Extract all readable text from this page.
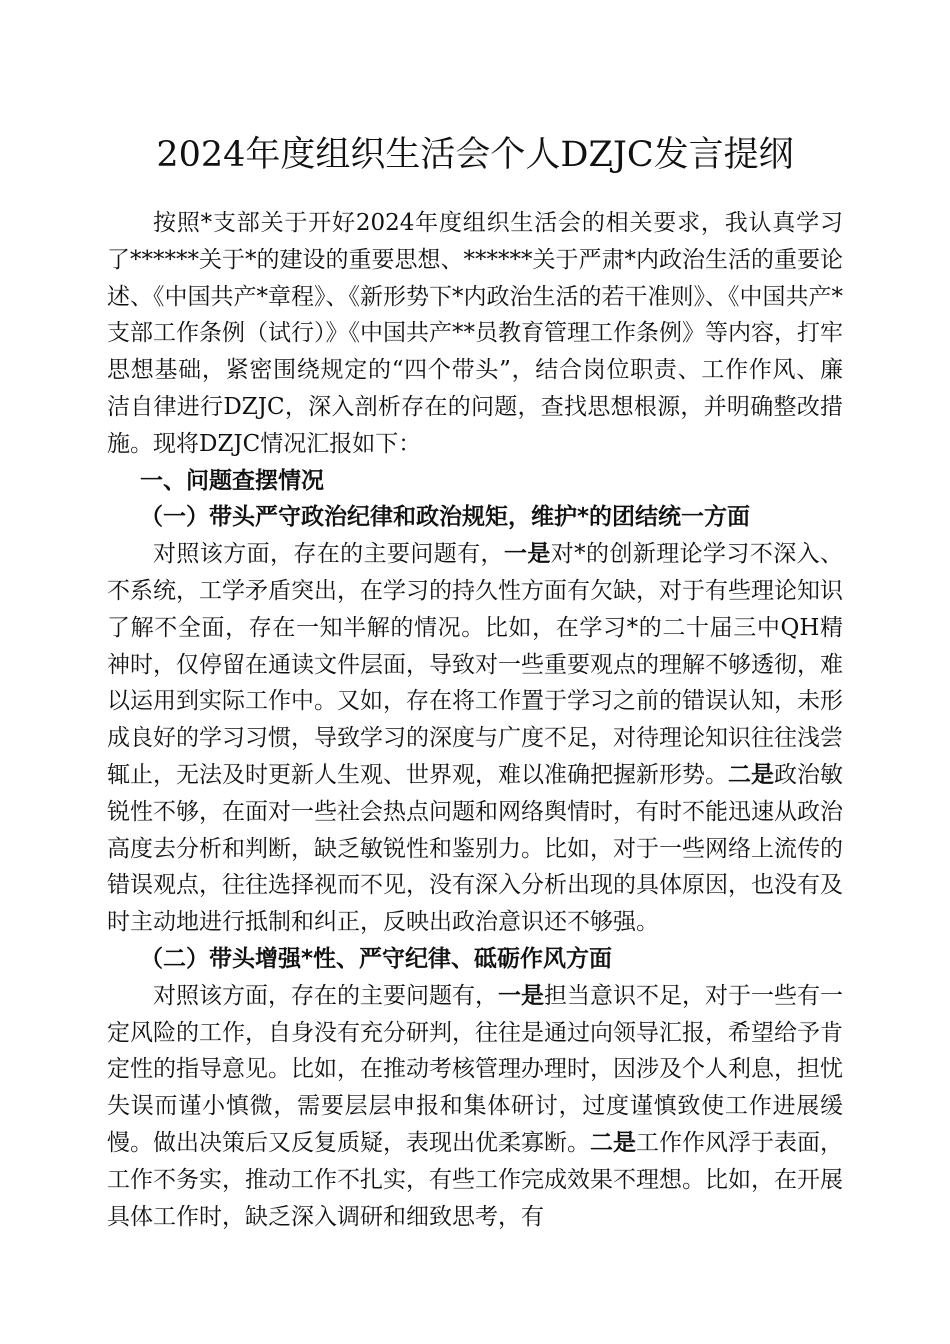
2024年度组织生活会个人DZJC发言提纲

按照*支部关于开好2024年度组织生活会的相关要求，我认真学习了******关于*的建设的重要思想、******关于严肃*内政治生活的重要论述、《中国共产*章程》、《新形势下*内政治生活的若干准则》、《中国共产*支部工作条例（试行）》《中国共产**员教育管理工作条例》等内容，打牢思想基础，紧密围绕规定的“四个带头”，结合岗位职责、工作作风、廉洁自律进行DZJC，深入剖析存在的问题，查找思想根源，并明确整改措施。现将DZJC情况汇报如下：

一、问题查摆情况

（一）带头严守政治纪律和政治规矩，维护*的团结统一方面

对照该方面，存在的主要问题有，一是对*的创新理论学习不深入、不系统，工学矛盾突出，在学习的持久性方面有欠缺，对于有些理论知识了解不全面，存在一知半解的情况。比如，在学习*的二十届三中QH精神时，仅停留在通读文件层面，导致对一些重要观点的理解不够透彻，难以运用到实际工作中。又如，存在将工作置于学习之前的错误认知，未形成良好的学习习惯，导致学习的深度与广度不足，对待理论知识往往浅尝辄止，无法及时更新人生观、世界观，难以准确把握新形势。二是政治敏锐性不够，在面对一些社会热点问题和网络舆情时，有时不能迅速从政治高度去分析和判断，缺乏敏锐性和鉴别力。比如，对于一些网络上流传的错误观点，往往选择视而不见，没有深入分析出现的具体原因，也没有及时主动地进行抵制和纠正，反映出政治意识还不够强。

（二）带头增强*性、严守纪律、砥砺作风方面

对照该方面，存在的主要问题有，一是担当意识不足，对于一些有一定风险的工作，自身没有充分研判，往往是通过向领导汇报，希望给予肯定性的指导意见。比如，在推动考核管理办理时，因涉及个人利息，担忧失误而谨小慎微，需要层层申报和集体研讨，过度谨慎致使工作进展缓慢。做出决策后又反复质疑，表现出优柔寡断。二是工作作风浮于表面，工作不务实，推动工作不扎实，有些工作完成效果不理想。比如，在开展具体工作时，缺乏深入调研和细致思考，有
